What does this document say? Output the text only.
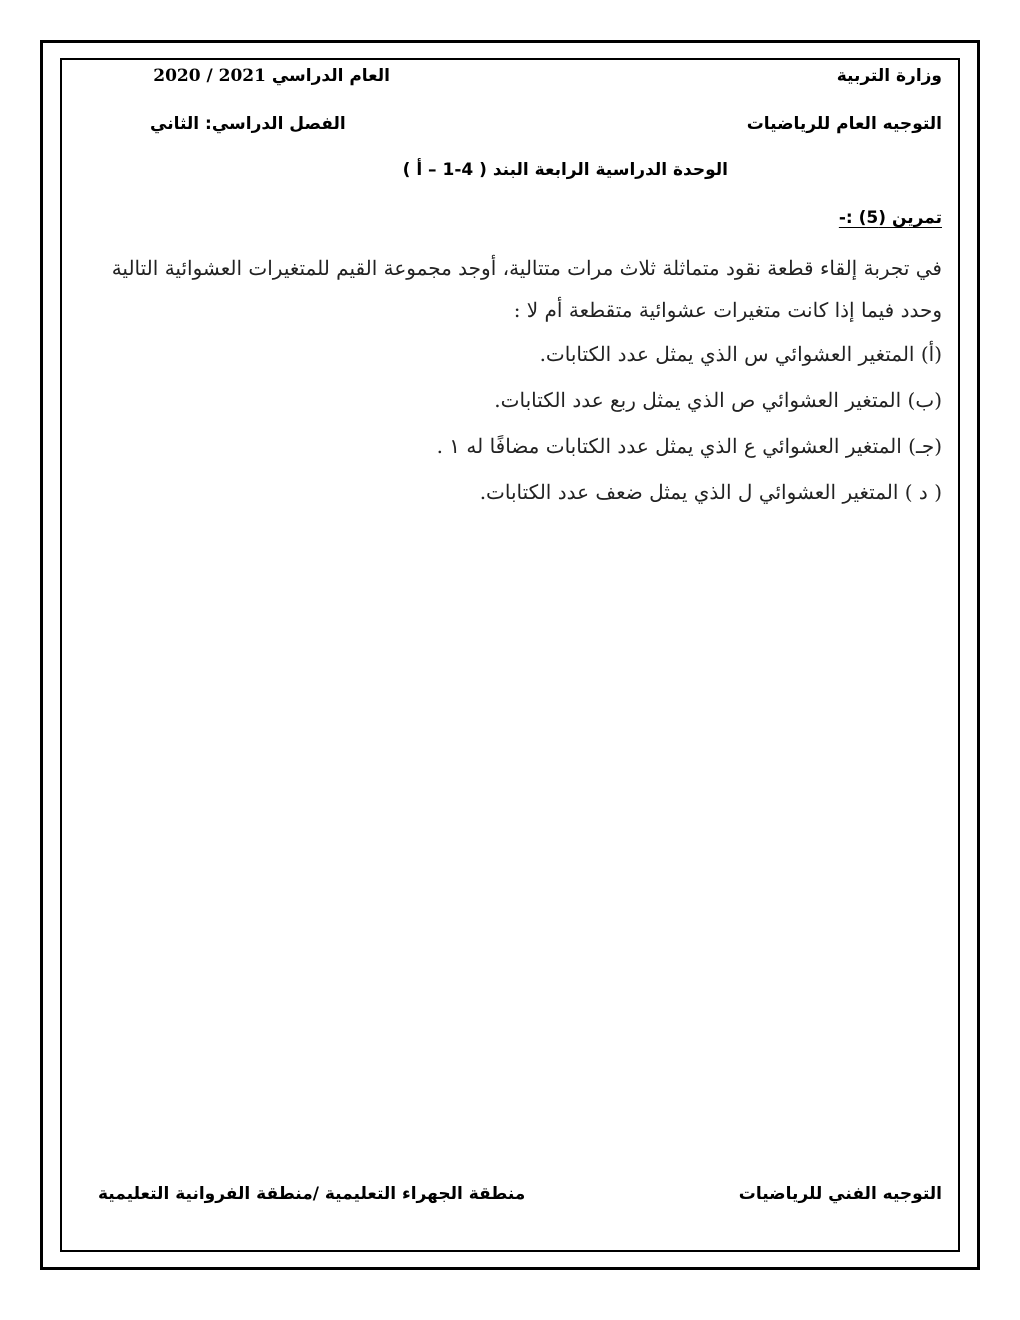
وزارة التربية
التوجيه العام للرياضيات
العام الدراسي 2020 / 2021
الفصل الدراسي: الثاني
الوحدة الدراسية الرابعة البند ( 4-1 – أ )
تمرين (5) :-
في تجربة إلقاء قطعة نقود متماثلة ثلاث مرات متتالية، أوجد مجموعة القيم للمتغيرات العشوائية التالية
وحدد فيما إذا كانت متغيرات عشوائية متقطعة أم لا :
(أ) المتغير العشوائي س الذي يمثل عدد الكتابات.
(ب) المتغير العشوائي ص الذي يمثل ربع عدد الكتابات.
(جـ) المتغير العشوائي ع الذي يمثل عدد الكتابات مضافًا له ١ .
( د ) المتغير العشوائي ل الذي يمثل ضعف عدد الكتابات.
التوجيه الفني للرياضيات
منطقة الجهراء التعليمية /منطقة الفروانية التعليمية
